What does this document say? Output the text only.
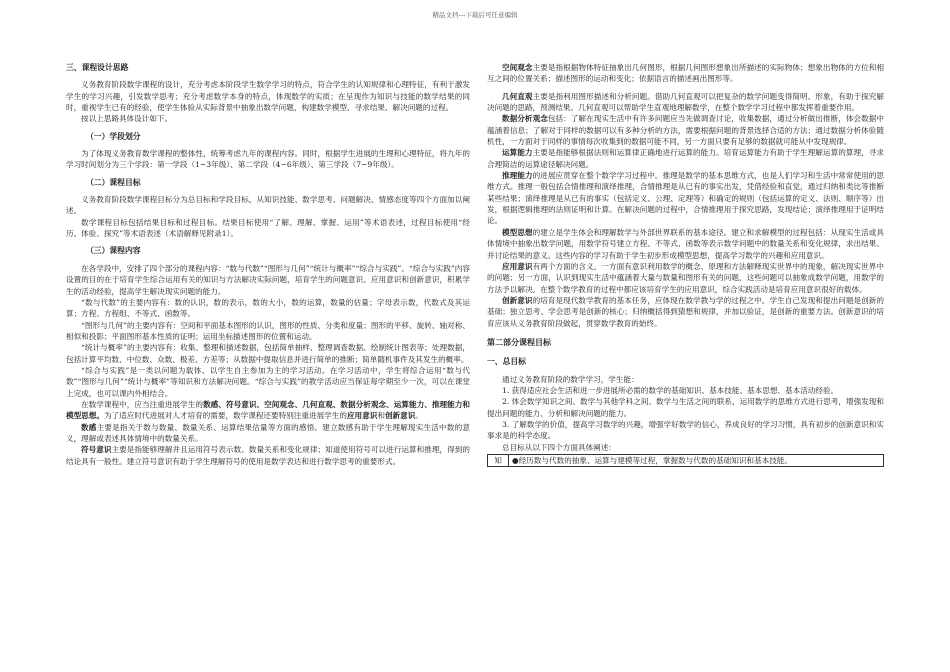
精品文档---下载后可任意编辑
三、课程设计思路

义务教育阶段数学课程的设计，充分考虑本阶段学生数学学习的特点，符合学生的认知规律和心理特征，有利于激发学生的学习兴趣，引发数学思考；充分考虑数学本身的特点，体现数学的实质；在呈现作为知识与技能的数学结果的同时，重视学生已有的经验，使学生体验从实际背景中抽象出数学问题、构建数学模型、寻求结果、解决问题的过程。

按以上思路具体设计如下。

（一）学段划分

为了体现义务教育数学课程的整体性，统筹考虑九年的课程内容。同时，根据学生进展的生理和心理特征，将九年的学习时间划分为三个学段：第一学段（1~3年级）、第二学段（4~6年级）、第三学段（7~9年级）。

（二）课程目标

义务教育阶段数学课程目标分为总目标和学段目标，从知识技能、数学思考、问题解决、情感态度等四个方面加以阐述。

数学课程目标包括结果目标和过程目标。结果目标使用“了解、理解、掌握、运用”等术语表述，过程目标使用“经历、体验、探究”等术语表述（术语解释见附录1）。

（三）课程内容

在各学段中，安排了四个部分的课程内容：“数与代数”“图形与几何”“统计与概率”“综合与实践”。“综合与实践”内容设置的目的在于培育学生综合运用有关的知识与方法解决实际问题，培育学生的问题意识、应用意识和创新意识，积累学生的活动经验，提高学生解决现实问题的能力。

“数与代数”的主要内容有：数的认识，数的表示，数的大小，数的运算，数量的估量；字母表示数，代数式及其运算；方程、方程组、不等式、函数等。

“图形与几何”的主要内容有：空间和平面基本图形的认识，图形的性质、分类和度量；图形的平移、旋转、轴对称、相似和投影；平面图形基本性质的证明；运用坐标描述图形的位置和运动。

“统计与概率”的主要内容有：收集、整理和描述数据，包括简单抽样、整理调查数据、绘制统计图表等；处理数据，包括计算平均数、中位数、众数、极差、方差等；从数据中提取信息并进行简单的推断；简单随机事件及其发生的概率。

“综合与实践”是一类以问题为载体、以学生自主参加为主的学习活动。在学习活动中，学生将综合运用“数与代数”“图形与几何”“统计与概率”等知识和方法解决问题。“综合与实践”的教学活动应当保证每学期至少一次，可以在课堂上完成，也可以课内外相结合。

在数学课程中，应当注重进展学生的数感、符号意识、空间观念、几何直观、数据分析观念、运算能力、推理能力和模型思想。为了适应时代进展对人才培育的需要，数学课程还要特别注重进展学生的应用意识和创新意识。

数感主要是指关于数与数量、数量关系、运算结果估量等方面的感悟。建立数感有助于学生理解现实生活中数的意义，理解或表述具体情境中的数量关系。

符号意识主要是指能够理解并且运用符号表示数、数量关系和变化规律；知道使用符号可以进行运算和推理，得到的结论具有一般性。建立符号意识有助于学生理解符号的使用是数学表达和进行数学思考的重要形式。

空间观念主要是指根据物体特征抽象出几何图形，根据几何图形想象出所描述的实际物体；想象出物体的方位和相互之间的位置关系；描述图形的运动和变化；依据语言的描述画出图形等。

几何直观主要是指利用图形描述和分析问题。借助几何直观可以把复杂的数学问题变得简明、形象，有助于探究解决问题的思路，预测结果。几何直观可以帮助学生直观地理解数学，在整个数学学习过程中都发挥着重要作用。

数据分析观念包括：了解在现实生活中有许多问题应当先做调查讨论，收集数据，通过分析做出推断，体会数据中蕴涵着信息；了解对于同样的数据可以有多种分析的方法，需要根据问题的背景选择合适的方法；通过数据分析体验随机性，一方面对于同样的事情每次收集到的数据可能不同，另一方面只要有足够的数据就可能从中发现规律。

运算能力主要是指能够根据法则和运算律正确地进行运算的能力。培育运算能力有助于学生理解运算的算理，寻求合理简洁的运算途径解决问题。

推理能力的进展应贯穿在整个数学学习过程中。推理是数学的基本思维方式，也是人们学习和生活中常常使用的思维方式。推理一般包括合情推理和演绎推理，合情推理是从已有的事实出发，凭借经验和直觉，通过归纳和类比等推断某些结果；演绎推理是从已有的事实（包括定义、公理、定理等）和确定的规则（包括运算的定义、法则、顺序等）出发，根据逻辑推理的法则证明和计算。在解决问题的过程中，合情推理用于探究思路，发现结论；演绎推理用于证明结论。

模型思想的建立是学生体会和理解数学与外部世界联系的基本途径。建立和求解模型的过程包括：从现实生活或具体情境中抽象出数学问题，用数学符号建立方程、不等式、函数等表示数学问题中的数量关系和变化规律，求出结果、并讨论结果的意义。这些内容的学习有助于学生初步形成模型思想，提高学习数学的兴趣和应用意识。

应用意识有两个方面的含义，一方面有意识利用数学的概念、原理和方法解释现实世界中的现象，解决现实世界中的问题；另一方面，认识到现实生活中蕴涵着大量与数量和图形有关的问题，这些问题可以抽象成数学问题，用数学的方法予以解决。在整个数学教育的过程中都应该培育学生的应用意识，综合实践活动是培育应用意识很好的载体。

创新意识的培育是现代数学教育的基本任务，应体现在数学教与学的过程之中。学生自己发现和提出问题是创新的基础；独立思考、学会思考是创新的核心；归纳概括得到猜想和规律，并加以验证，是创新的重要方法。创新意识的培育应该从义务教育阶段做起，贯穿数学教育的始终。

第二部分课程目标
一、总目标

通过义务教育阶段的数学学习，学生能：

1. 获得适应社会生活和进一步进展所必需的数学的基础知识、基本技能、基本思想、基本活动经验。

2. 体会数学知识之间、数学与其他学科之间、数学与生活之间的联系，运用数学的思维方式进行思考，增强发现和提出问题的能力、分析和解决问题的能力。

3. 了解数学的价值，提高学习数学的兴趣，增强学好数学的信心，养成良好的学习习惯，具有初步的创新意识和实事求是的科学态度。

总目标从以下四个方面具体阐述：

知	●经历数与代数的抽象、运算与建模等过程，掌握数与代数的基础知识和基本技能。
